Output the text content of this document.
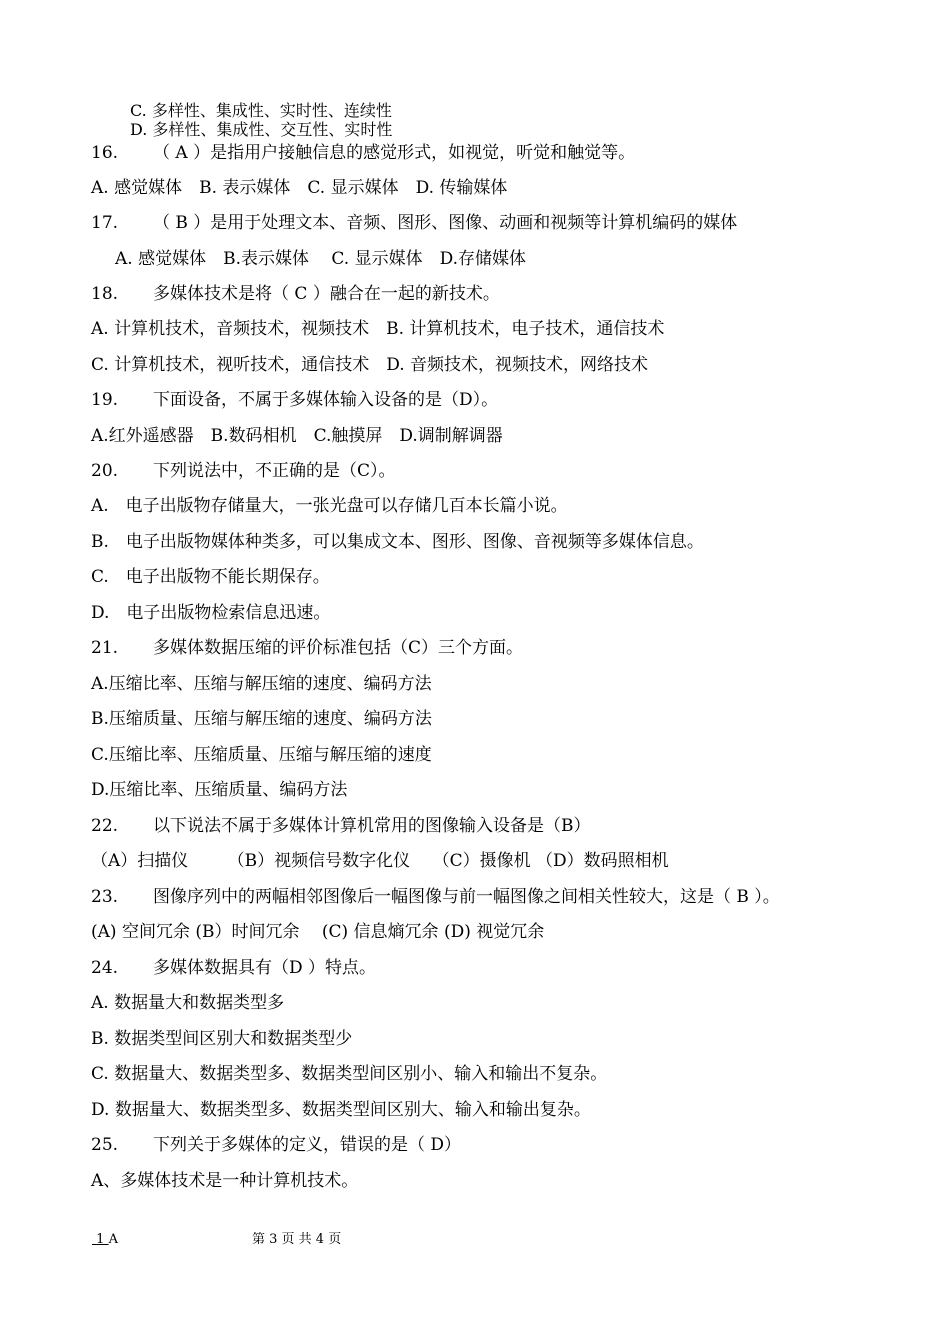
C. 多样性、集成性、实时性、连续性
D. 多样性、集成性、交互性、实时性
16. （ A ）是指用户接触信息的感觉形式，如视觉，听觉和触觉等。
A. 感觉媒体　B. 表示媒体　C. 显示媒体　D. 传输媒体
17. （ B ）是用于处理文本、音频、图形、图像、动画和视频等计算机编码的媒体
A. 感觉媒体　B.表示媒体　 C. 显示媒体　D.存储媒体
18. 多媒体技术是将（ C ）融合在一起的新技术。
A. 计算机技术，音频技术，视频技术　B. 计算机技术，电子技术，通信技术
C. 计算机技术，视听技术，通信技术　D. 音频技术，视频技术，网络技术
19. 下面设备，不属于多媒体输入设备的是（D）。
A.红外遥感器　B.数码相机　C.触摸屏　D.调制解调器
20. 下列说法中，不正确的是（C）。
A.　电子出版物存储量大，一张光盘可以存储几百本长篇小说。
B.　电子出版物媒体种类多，可以集成文本、图形、图像、音视频等多媒体信息。
C.　电子出版物不能长期保存。
D.　电子出版物检索信息迅速。
21. 多媒体数据压缩的评价标准包括（C）三个方面。
A.压缩比率、压缩与解压缩的速度、编码方法
B.压缩质量、压缩与解压缩的速度、编码方法
C.压缩比率、压缩质量、压缩与解压缩的速度
D.压缩比率、压缩质量、编码方法
22. 以下说法不属于多媒体计算机常用的图像输入设备是（B）
（A）扫描仪　　 （B）视频信号数字化仪　 （C）摄像机 （D）数码照相机
23. 图像序列中的两幅相邻图像后一幅图像与前一幅图像之间相关性较大，这是（ B ）。
(A) 空间冗余 (B）时间冗余　 (C) 信息熵冗余 (D) 视觉冗余
24. 多媒体数据具有（D ）特点。
A. 数据量大和数据类型多
B. 数据类型间区别大和数据类型少
C. 数据量大、数据类型多、数据类型间区别小、输入和输出不复杂。
D. 数据量大、数据类型多、数据类型间区别大、输入和输出复杂。
25. 下列关于多媒体的定义，错误的是（ D）
A、多媒体技术是一种计算机技术。
1 A	第 3 页 共 4 页
